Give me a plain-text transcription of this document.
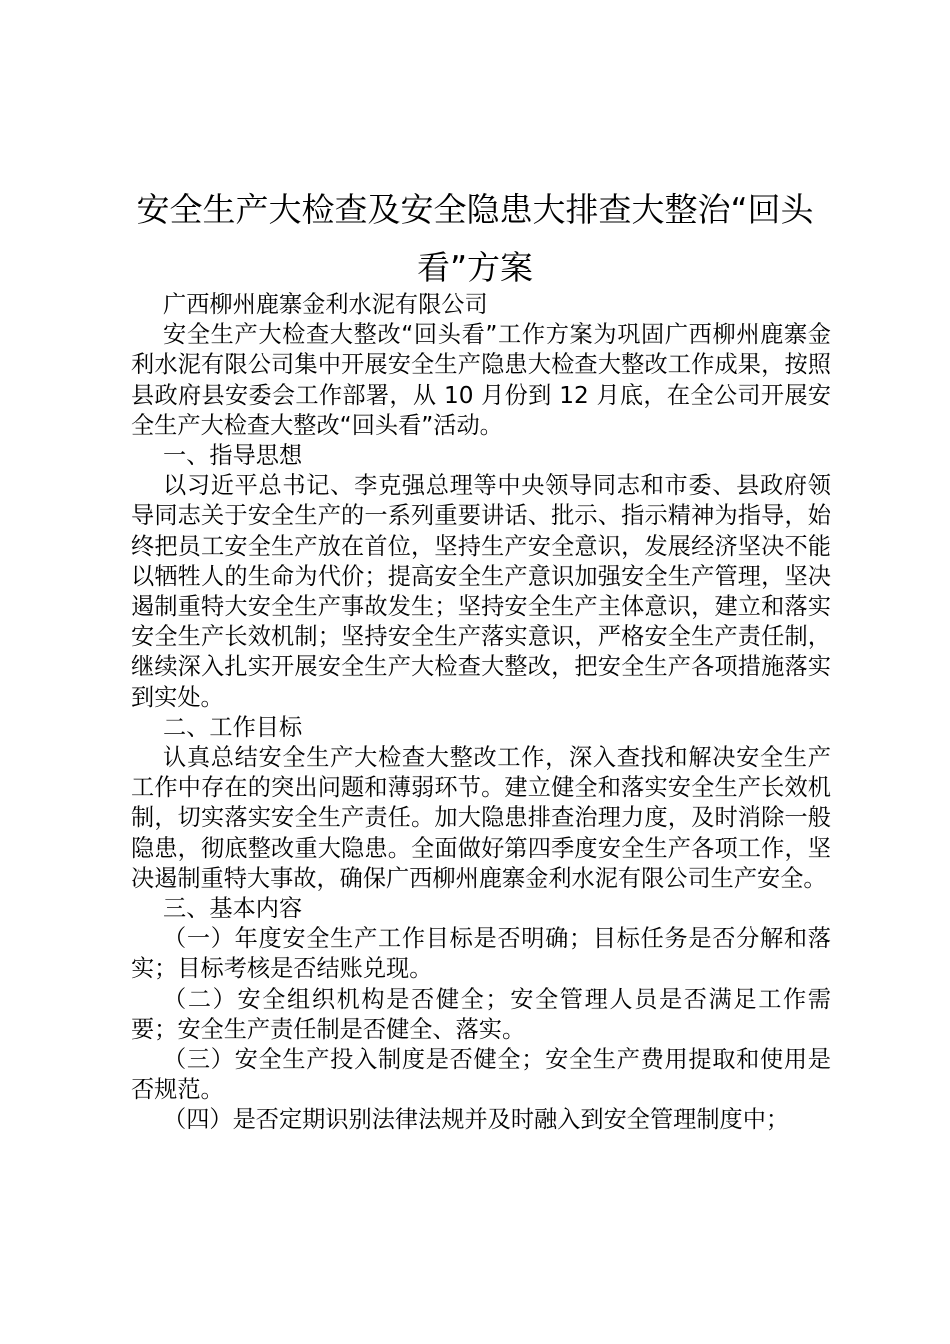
安全生产大检查及安全隐患大排查大整治“回头看”方案

广西柳州鹿寨金利水泥有限公司

安全生产大检查大整改“回头看”工作方案为巩固广西柳州鹿寨金利水泥有限公司集中开展安全生产隐患大检查大整改工作成果，按照县政府县安委会工作部署，从 10 月份到 12 月底，在全公司开展安全生产大检查大整改“回头看”活动。

一、指导思想

以习近平总书记、李克强总理等中央领导同志和市委、县政府领导同志关于安全生产的一系列重要讲话、批示、指示精神为指导，始终把员工安全生产放在首位，坚持生产安全意识，发展经济坚决不能以牺牲人的生命为代价；提高安全生产意识加强安全生产管理，坚决遏制重特大安全生产事故发生；坚持安全生产主体意识，建立和落实安全生产长效机制；坚持安全生产落实意识，严格安全生产责任制，继续深入扎实开展安全生产大检查大整改，把安全生产各项措施落实到实处。

二、工作目标

认真总结安全生产大检查大整改工作，深入查找和解决安全生产工作中存在的突出问题和薄弱环节。建立健全和落实安全生产长效机制，切实落实安全生产责任。加大隐患排查治理力度，及时消除一般隐患，彻底整改重大隐患。全面做好第四季度安全生产各项工作，坚决遏制重特大事故，确保广西柳州鹿寨金利水泥有限公司生产安全。

三、基本内容

（一）年度安全生产工作目标是否明确；目标任务是否分解和落实；目标考核是否结账兑现。

（二）安全组织机构是否健全；安全管理人员是否满足工作需要；安全生产责任制是否健全、落实。

（三）安全生产投入制度是否健全；安全生产费用提取和使用是否规范。

（四）是否定期识别法律法规并及时融入到安全管理制度中；
